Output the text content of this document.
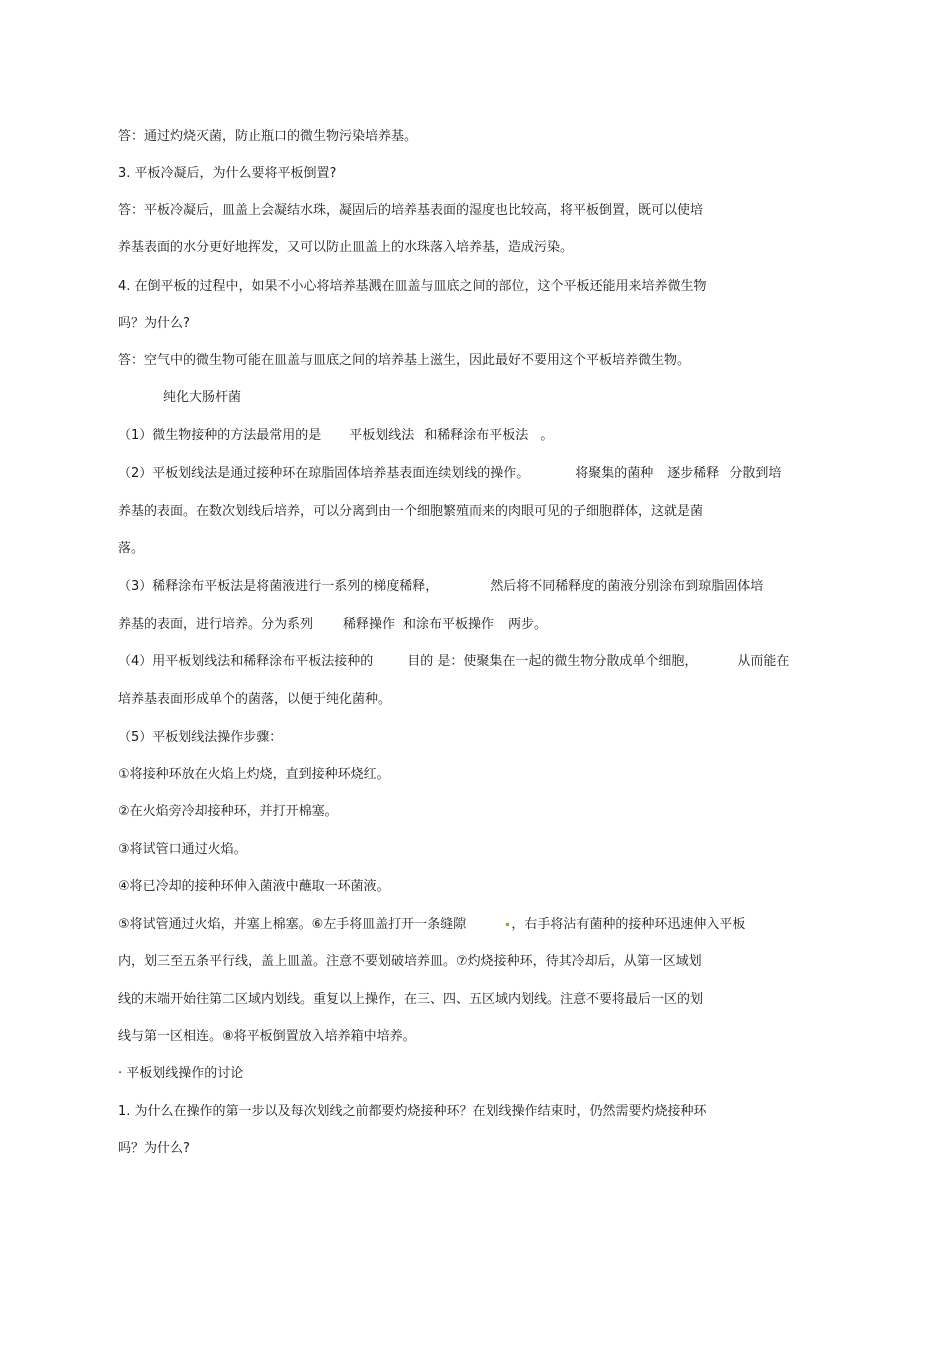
答：通过灼烧灭菌，防止瓶口的微生物污染培养基。
3. 平板冷凝后，为什么要将平板倒置?
答：平板冷凝后，皿盖上会凝结水珠，凝固后的培养基表面的湿度也比较高，将平板倒置，既可以使培
养基表面的水分更好地挥发，又可以防止皿盖上的水珠落入培养基，造成污染。
4. 在倒平板的过程中，如果不小心将培养基溅在皿盖与皿底之间的部位，这个平板还能用来培养微生物
吗？为什么?
答：空气中的微生物可能在皿盖与皿底之间的培养基上滋生，因此最好不要用这个平板培养微生物。
纯化大肠杆菌
（1）微生物接种的方法最常用的是 平板划线法 和稀释涂布平板法 。
（2）平板划线法是通过接种环在琼脂固体培养基表面连续划线的操作。	将聚集的菌种 逐步稀释 分散到培
养基的表面。在数次划线后培养，可以分离到由一个细胞繁殖而来的肉眼可见的子细胞群体，这就是菌
落。
（3）稀释涂布平板法是将菌液进行一系列的梯度稀释，	然后将不同稀释度的菌液分别涂布到琼脂固体培
养基的表面，进行培养。分为系列 稀释操作 和涂布平板操作 两步。
（4）用平板划线法和稀释涂布平板法接种的	目的 是：使聚集在一起的微生物分散成单个细胞，	从而能在
培养基表面形成单个的菌落，以便于纯化菌种。
（5）平板划线法操作步骤：
①将接种环放在火焰上灼烧，直到接种环烧红。
②在火焰旁冷却接种环，并打开棉塞。
③将试管口通过火焰。
④将已冷却的接种环伸入菌液中蘸取一环菌液。
⑤将试管通过火焰，并塞上棉塞。⑥左手将皿盖打开一条缝隙	，右手将沾有菌种的接种环迅速伸入平板
内，划三至五条平行线，盖上皿盖。注意不要划破培养皿。⑦灼烧接种环，待其冷却后，从第一区域划
线的末端开始往第二区域内划线。重复以上操作，在三、四、五区域内划线。注意不要将最后一区的划
线与第一区相连。⑧将平板倒置放入培养箱中培养。
· 平板划线操作的讨论
1. 为什么在操作的第一步以及每次划线之前都要灼烧接种环？在划线操作结束时，仍然需要灼烧接种环
吗？为什么?
